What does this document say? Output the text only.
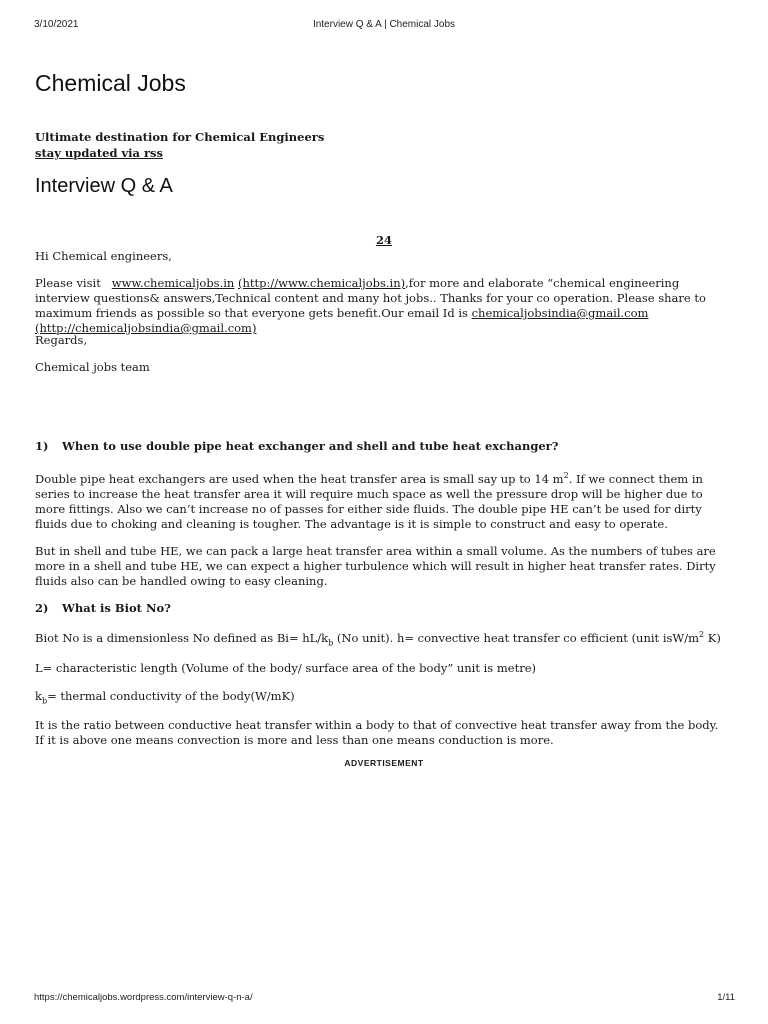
3/10/2021	Interview Q & A | Chemical Jobs
Chemical Jobs
Ultimate destination for Chemical Engineers
stay updated via rss
Interview Q & A
24
Hi Chemical engineers,
Please visit www.chemicaljobs.in (http://www.chemicaljobs.in),for more and elaborate “chemical engineering interview questions& answers,Technical content and many hot jobs.. Thanks for your co operation. Please share to maximum friends as possible so that everyone gets benefit.Our email Id is chemicaljobsindia@gmail.com (http://chemicaljobsindia@gmail.com)
Regards,
Chemical jobs team
1) When to use double pipe heat exchanger and shell and tube heat exchanger?
Double pipe heat exchangers are used when the heat transfer area is small say up to 14 $m^2$. If we connect them in series to increase the heat transfer area it will require much space as well the pressure drop will be higher due to more fittings. Also we can’t increase no of passes for either side fluids. The double pipe HE can’t be used for dirty fluids due to choking and cleaning is tougher. The advantage is it is simple to construct and easy to operate.
But in shell and tube HE, we can pack a large heat transfer area within a small volume. As the numbers of tubes are more in a shell and tube HE, we can expect a higher turbulence which will result in higher heat transfer rates. Dirty fluids also can be handled owing to easy cleaning.
2) What is Biot No?
Biot No is a dimensionless No defined as $Bi= hL/k_b$ (No unit). h= convective heat transfer co efficient (unit isW/$m^2$ K)
L= characteristic length (Volume of the body/ surface area of the body” unit is metre)
$k_b=$ thermal conductivity of the body(W/mK)
It is the ratio between conductive heat transfer within a body to that of convective heat transfer away from the body. If it is above one means convection is more and less than one means conduction is more.
ADVERTISEMENT
https://chemicaljobs.wordpress.com/interview-q-n-a/	1/11
